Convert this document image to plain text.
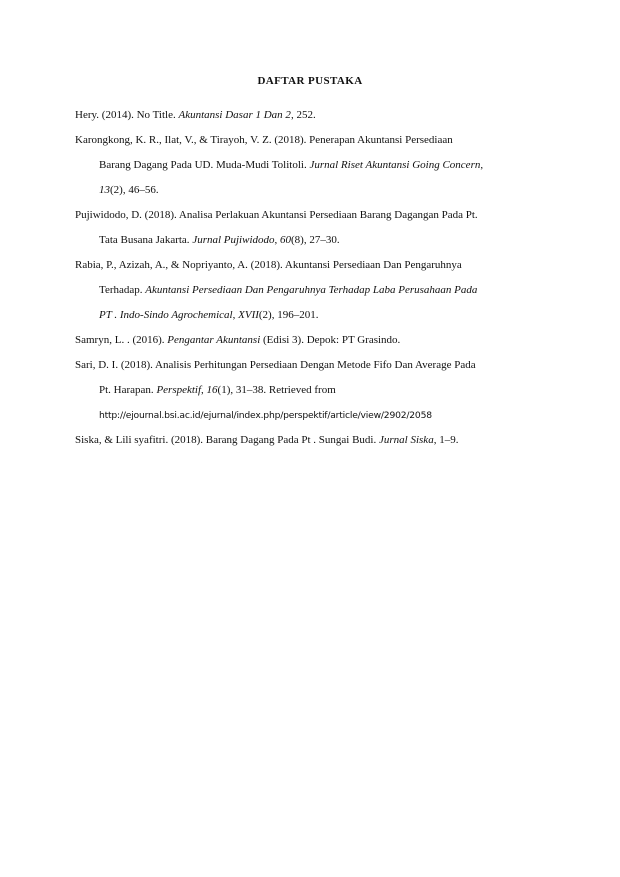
DAFTAR PUSTAKA
Hery. (2014). No Title. Akuntansi Dasar 1 Dan 2, 252.
Karongkong, K. R., Ilat, V., & Tirayoh, V. Z. (2018). Penerapan Akuntansi Persediaan
Barang Dagang Pada UD. Muda-Mudi Tolitoli. Jurnal Riset Akuntansi Going Concern,
13(2), 46–56.
Pujiwidodo, D. (2018). Analisa Perlakuan Akuntansi Persediaan Barang Dagangan Pada Pt.
Tata Busana Jakarta. Jurnal Pujiwidodo, 60(8), 27–30.
Rabia, P., Azizah, A., & Nopriyanto, A. (2018). Akuntansi Persediaan Dan Pengaruhnya
Terhadap. Akuntansi Persediaan Dan Pengaruhnya Terhadap Laba Perusahaan Pada
PT . Indo-Sindo Agrochemical, XVII(2), 196–201.
Samryn, L. . (2016). Pengantar Akuntansi (Edisi 3). Depok: PT Grasindo.
Sari, D. I. (2018). Analisis Perhitungan Persediaan Dengan Metode Fifo Dan Average Pada
Pt. Harapan. Perspektif, 16(1), 31–38. Retrieved from
http://ejournal.bsi.ac.id/ejurnal/index.php/perspektif/article/view/2902/2058
Siska, & Lili syafitri. (2018). Barang Dagang Pada Pt . Sungai Budi. Jurnal Siska, 1–9.
